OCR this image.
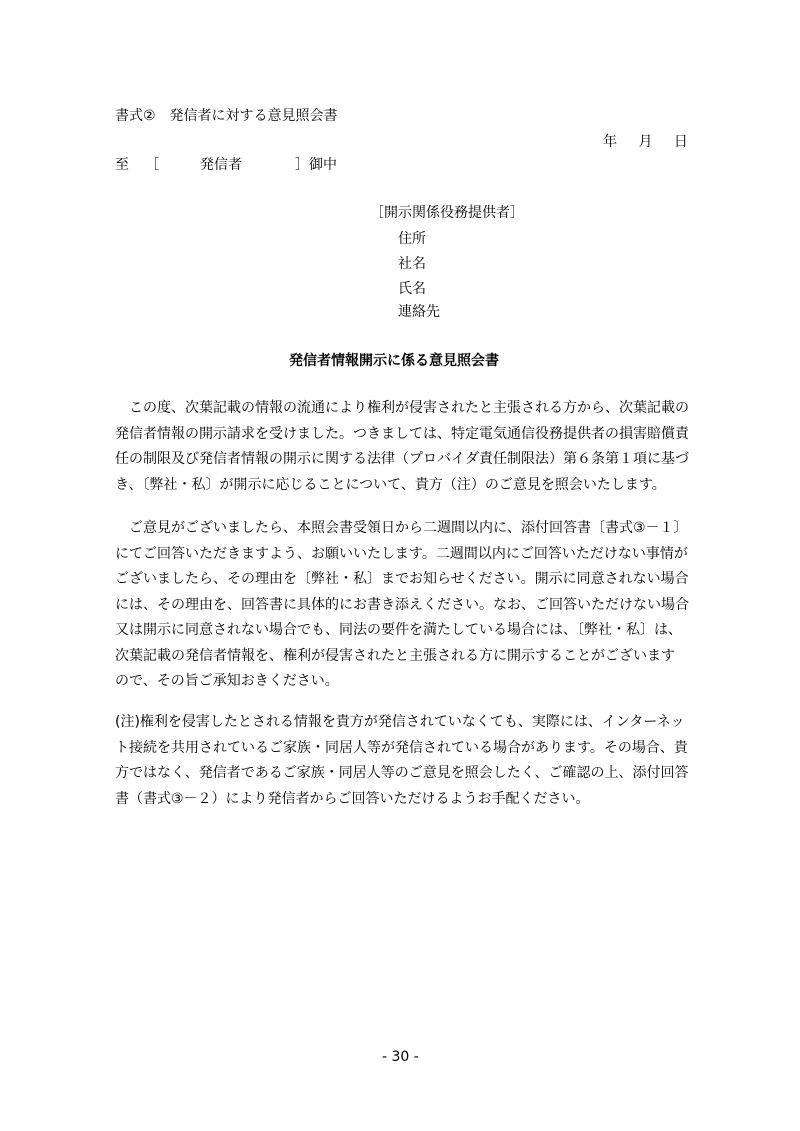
書式②　発信者に対する意見照会書
年 月 日
至 ［	発信者	］御中
［開示関係役務提供者］
住所
社名
氏名
連絡先
発信者情報開示に係る意見照会書
　この度、次葉記載の情報の流通により権利が侵害されたと主張される方から、次葉記載の
発信者情報の開示請求を受けました。つきましては、特定電気通信役務提供者の損害賠償責
任の制限及び発信者情報の開示に関する法律（プロバイダ責任制限法）第６条第１項に基づ
き、〔弊社・私〕が開示に応じることについて、貴方（注）のご意見を照会いたします。
　ご意見がございましたら、本照会書受領日から二週間以内に、添付回答書〔書式③－１〕
にてご回答いただきますよう、お願いいたします。二週間以内にご回答いただけない事情が
ございましたら、その理由を〔弊社・私〕までお知らせください。開示に同意されない場合
には、その理由を、回答書に具体的にお書き添えください。なお、ご回答いただけない場合
又は開示に同意されない場合でも、同法の要件を満たしている場合には、〔弊社・私〕は、
次葉記載の発信者情報を、権利が侵害されたと主張される方に開示することがございます
ので、その旨ご承知おきください。
(注)権利を侵害したとされる情報を貴方が発信されていなくても、実際には、インターネッ
ト接続を共用されているご家族・同居人等が発信されている場合があります。その場合、貴
方ではなく、発信者であるご家族・同居人等のご意見を照会したく、ご確認の上、添付回答
書（書式③－２）により発信者からご回答いただけるようお手配ください。
- 30 -
